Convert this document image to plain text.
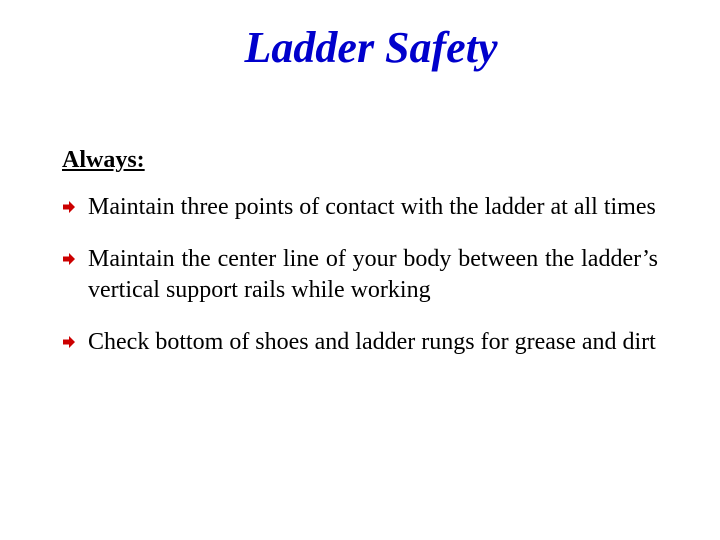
Ladder Safety
Always:
Maintain three points of contact with the ladder at all times
Maintain the center line of your body between the ladder’s vertical support rails while working
Check bottom of shoes and ladder rungs for grease and dirt
